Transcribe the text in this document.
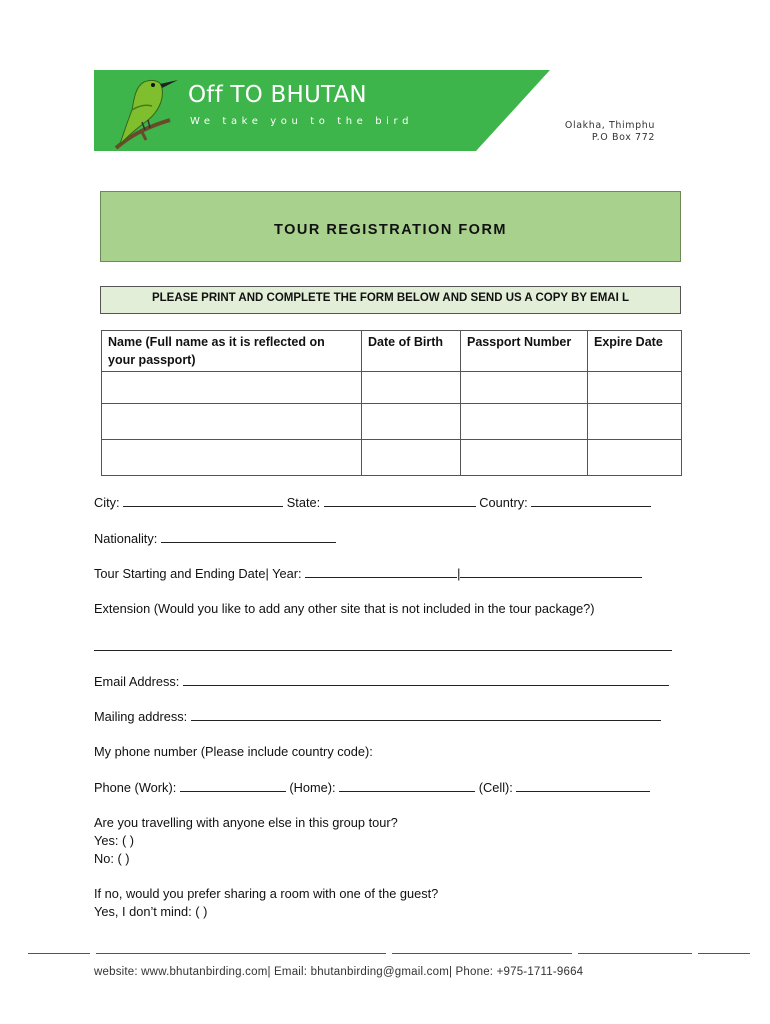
Off TO BHUTAN
We take you to the bird	Olakha, Thimphu
P.O Box 772
TOUR REGISTRATION FORM
PLEASE PRINT AND COMPLETE THE FORM BELOW AND SEND US A COPY BY EMAI L
Name (Full name as it is reflected on your passport)	Date of Birth	Passport Number	Expire Date

City:	State:	Country:
Nationality:
Tour Starting and Ending Date| Year:	|
Extension (Would you like to add any other site that is not included in the tour package?)
Email Address:
Mailing address:
My phone number (Please include country code):
Phone (Work):	(Home):	(Cell):
Are you travelling with anyone else in this group tour?
Yes: ( )
No: ( )
If no, would you prefer sharing a room with one of the guest?
Yes, I don’t mind: ( )
website: www.bhutanbirding.com| Email: bhutanbirding@gmail.com| Phone: +975-1711-9664
